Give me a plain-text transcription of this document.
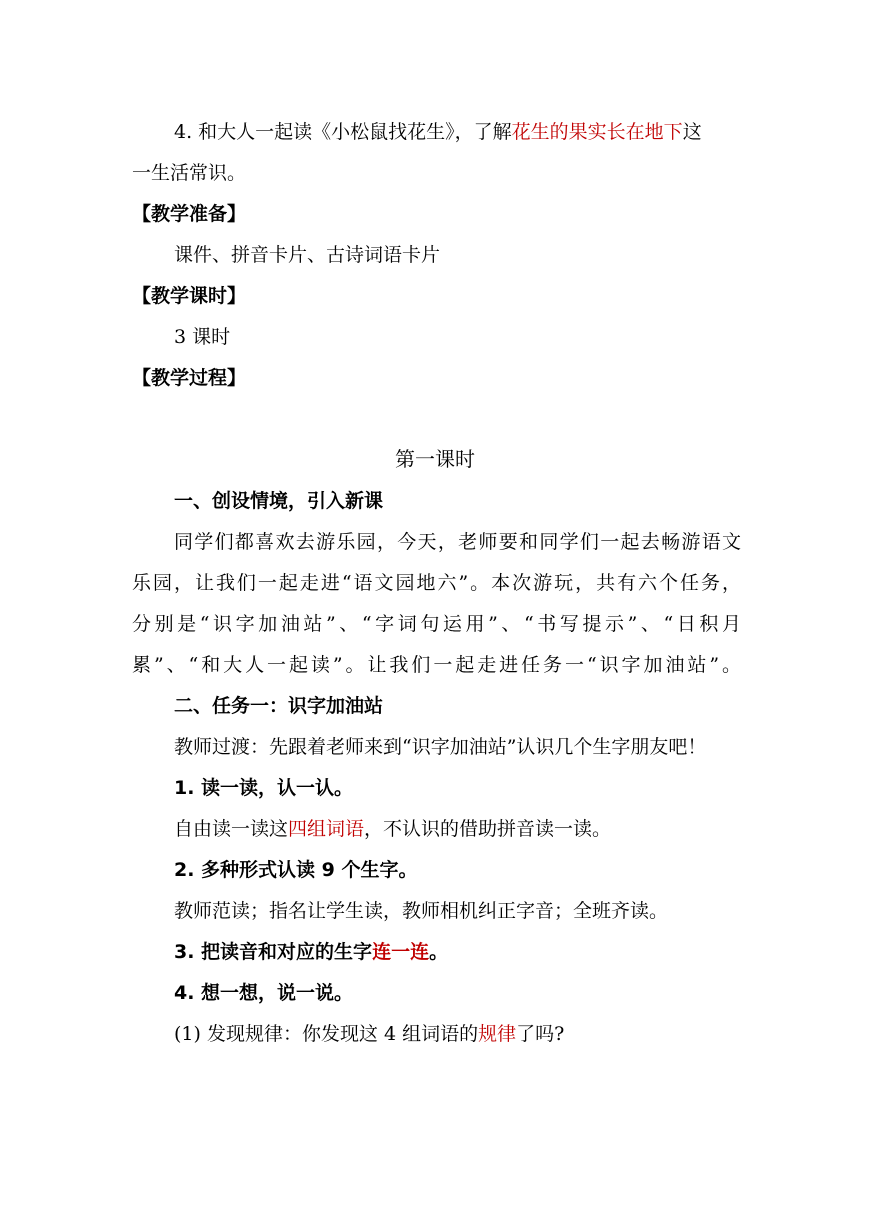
4. 和大人一起读《小松鼠找花生》，了解花生的果实长在地下这
一生活常识。
【教学准备】
课件、拼音卡片、古诗词语卡片
【教学课时】
3 课时
【教学过程】
第一课时
一、创设情境，引入新课
同学们都喜欢去游乐园，今天，老师要和同学们一起去畅游语文
乐园，让我们一起走进“语文园地六”。本次游玩，共有六个任务，
分别是“识字加油站”、“字词句运用”、“书写提示”、“日积月
累”、“和大人一起读”。让我们一起走进任务一“识字加油站”。
二、任务一：识字加油站
教师过渡：先跟着老师来到“识字加油站”认识几个生字朋友吧！
1. 读一读，认一认。
自由读一读这四组词语，不认识的借助拼音读一读。
2. 多种形式认读 9 个生字。
教师范读；指名让学生读，教师相机纠正字音；全班齐读。
3. 把读音和对应的生字连一连。
4. 想一想，说一说。
(1) 发现规律：你发现这 4 组词语的规律了吗?
